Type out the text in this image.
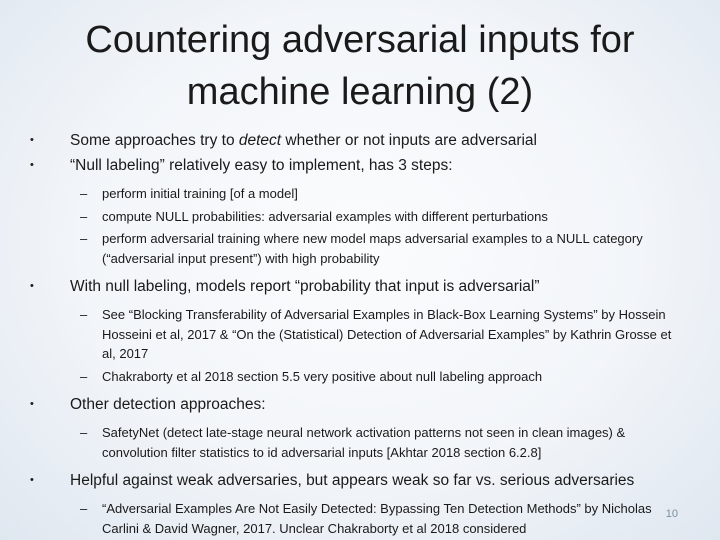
Countering adversarial inputs for
machine learning (2)
• Some approaches try to detect whether or not inputs are adversarial
• “Null labeling” relatively easy to implement, has 3 steps:
– perform initial training [of a model]
– compute NULL probabilities: adversarial examples with different perturbations
– perform adversarial training where new model maps adversarial examples to a NULL category (“adversarial input present”) with high probability
• With null labeling, models report “probability that input is adversarial”
– See “Blocking Transferability of Adversarial Examples in Black-Box Learning Systems” by Hossein Hosseini et al, 2017 & “On the (Statistical) Detection of Adversarial Examples” by Kathrin Grosse et al, 2017
– Chakraborty et al 2018 section 5.5 very positive about null labeling approach
• Other detection approaches:
– SafetyNet (detect late-stage neural network activation patterns not seen in clean images) & convolution filter statistics to id adversarial inputs [Akhtar 2018 section 6.2.8]
• Helpful against weak adversaries, but appears weak so far vs. serious adversaries
– “Adversarial Examples Are Not Easily Detected: Bypassing Ten Detection Methods” by Nicholas Carlini & David Wagner, 2017. Unclear Chakraborty et al 2018 considered
10
